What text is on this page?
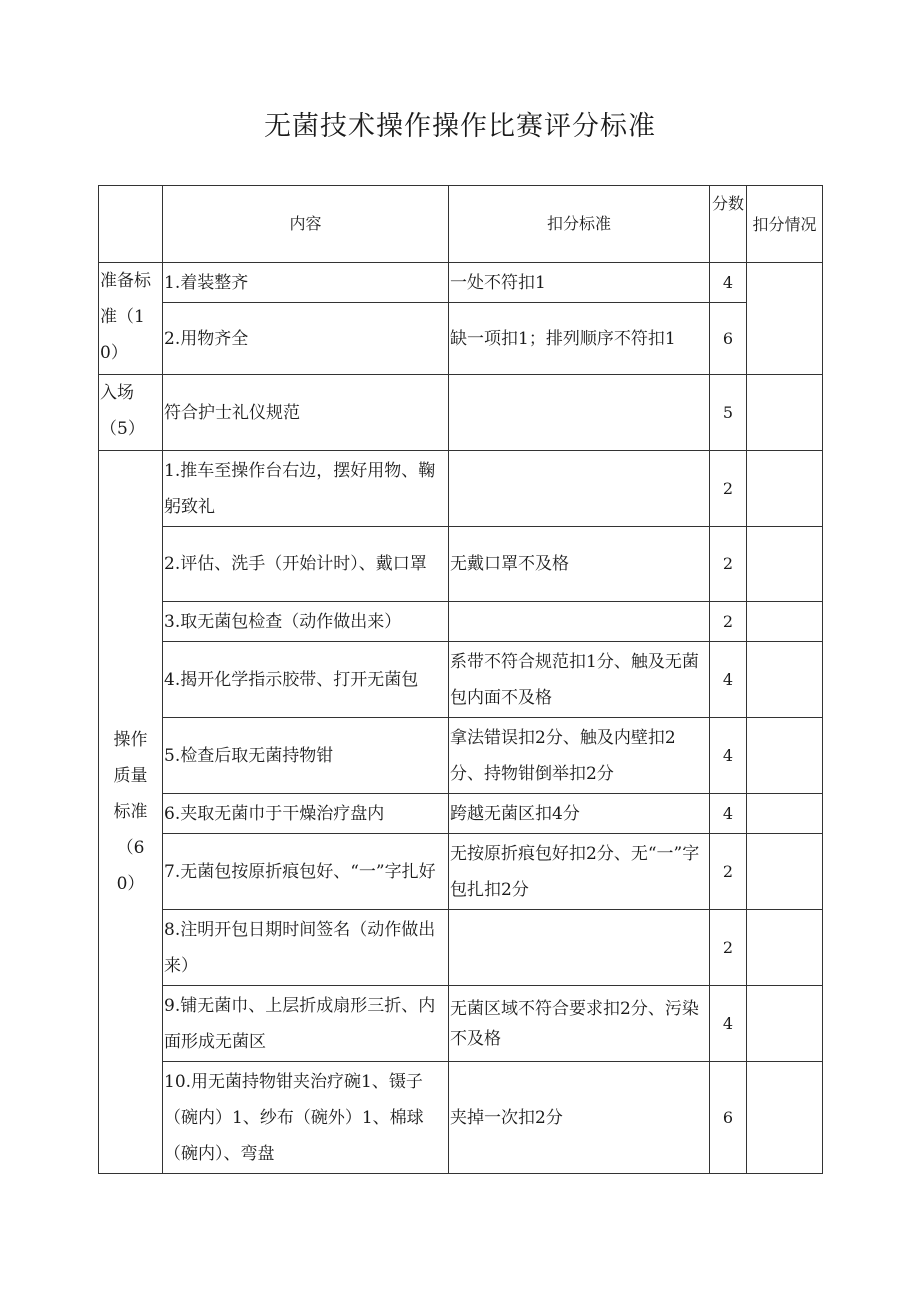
无菌技术操作操作比赛评分标准
	内容	扣分标准	分数	扣分情况
准备标准（10）	1.着装整齐	一处不符扣1	4	
	2.用物齐全	缺一项扣1；排列顺序不符扣1	6	
入场（5）	符合护士礼仪规范		5	
操作质量标准（60）	1.推车至操作台右边，摆好用物、鞠躬致礼		2	
	2.评估、洗手（开始计时）、戴口罩	无戴口罩不及格	2	
	3.取无菌包检查（动作做出来）		2	
	4.揭开化学指示胶带、打开无菌包	系带不符合规范扣1分、触及无菌包内面不及格	4	
	5.检查后取无菌持物钳	拿法错误扣2分、触及内壁扣2分、持物钳倒举扣2分	4	
	6.夹取无菌巾于干燥治疗盘内	跨越无菌区扣4分	4	
	7.无菌包按原折痕包好、“一”字扎好	无按原折痕包好扣2分、无“一”字包扎扣2分	2	
	8.注明开包日期时间签名（动作做出来）		2	
	9.铺无菌巾、上层折成扇形三折、内面形成无菌区	无菌区域不符合要求扣2分、污染不及格	4	
	10.用无菌持物钳夹治疗碗1、镊子（碗内）1、纱布（碗外）1、棉球（碗内）、弯盘	夹掉一次扣2分	6	
